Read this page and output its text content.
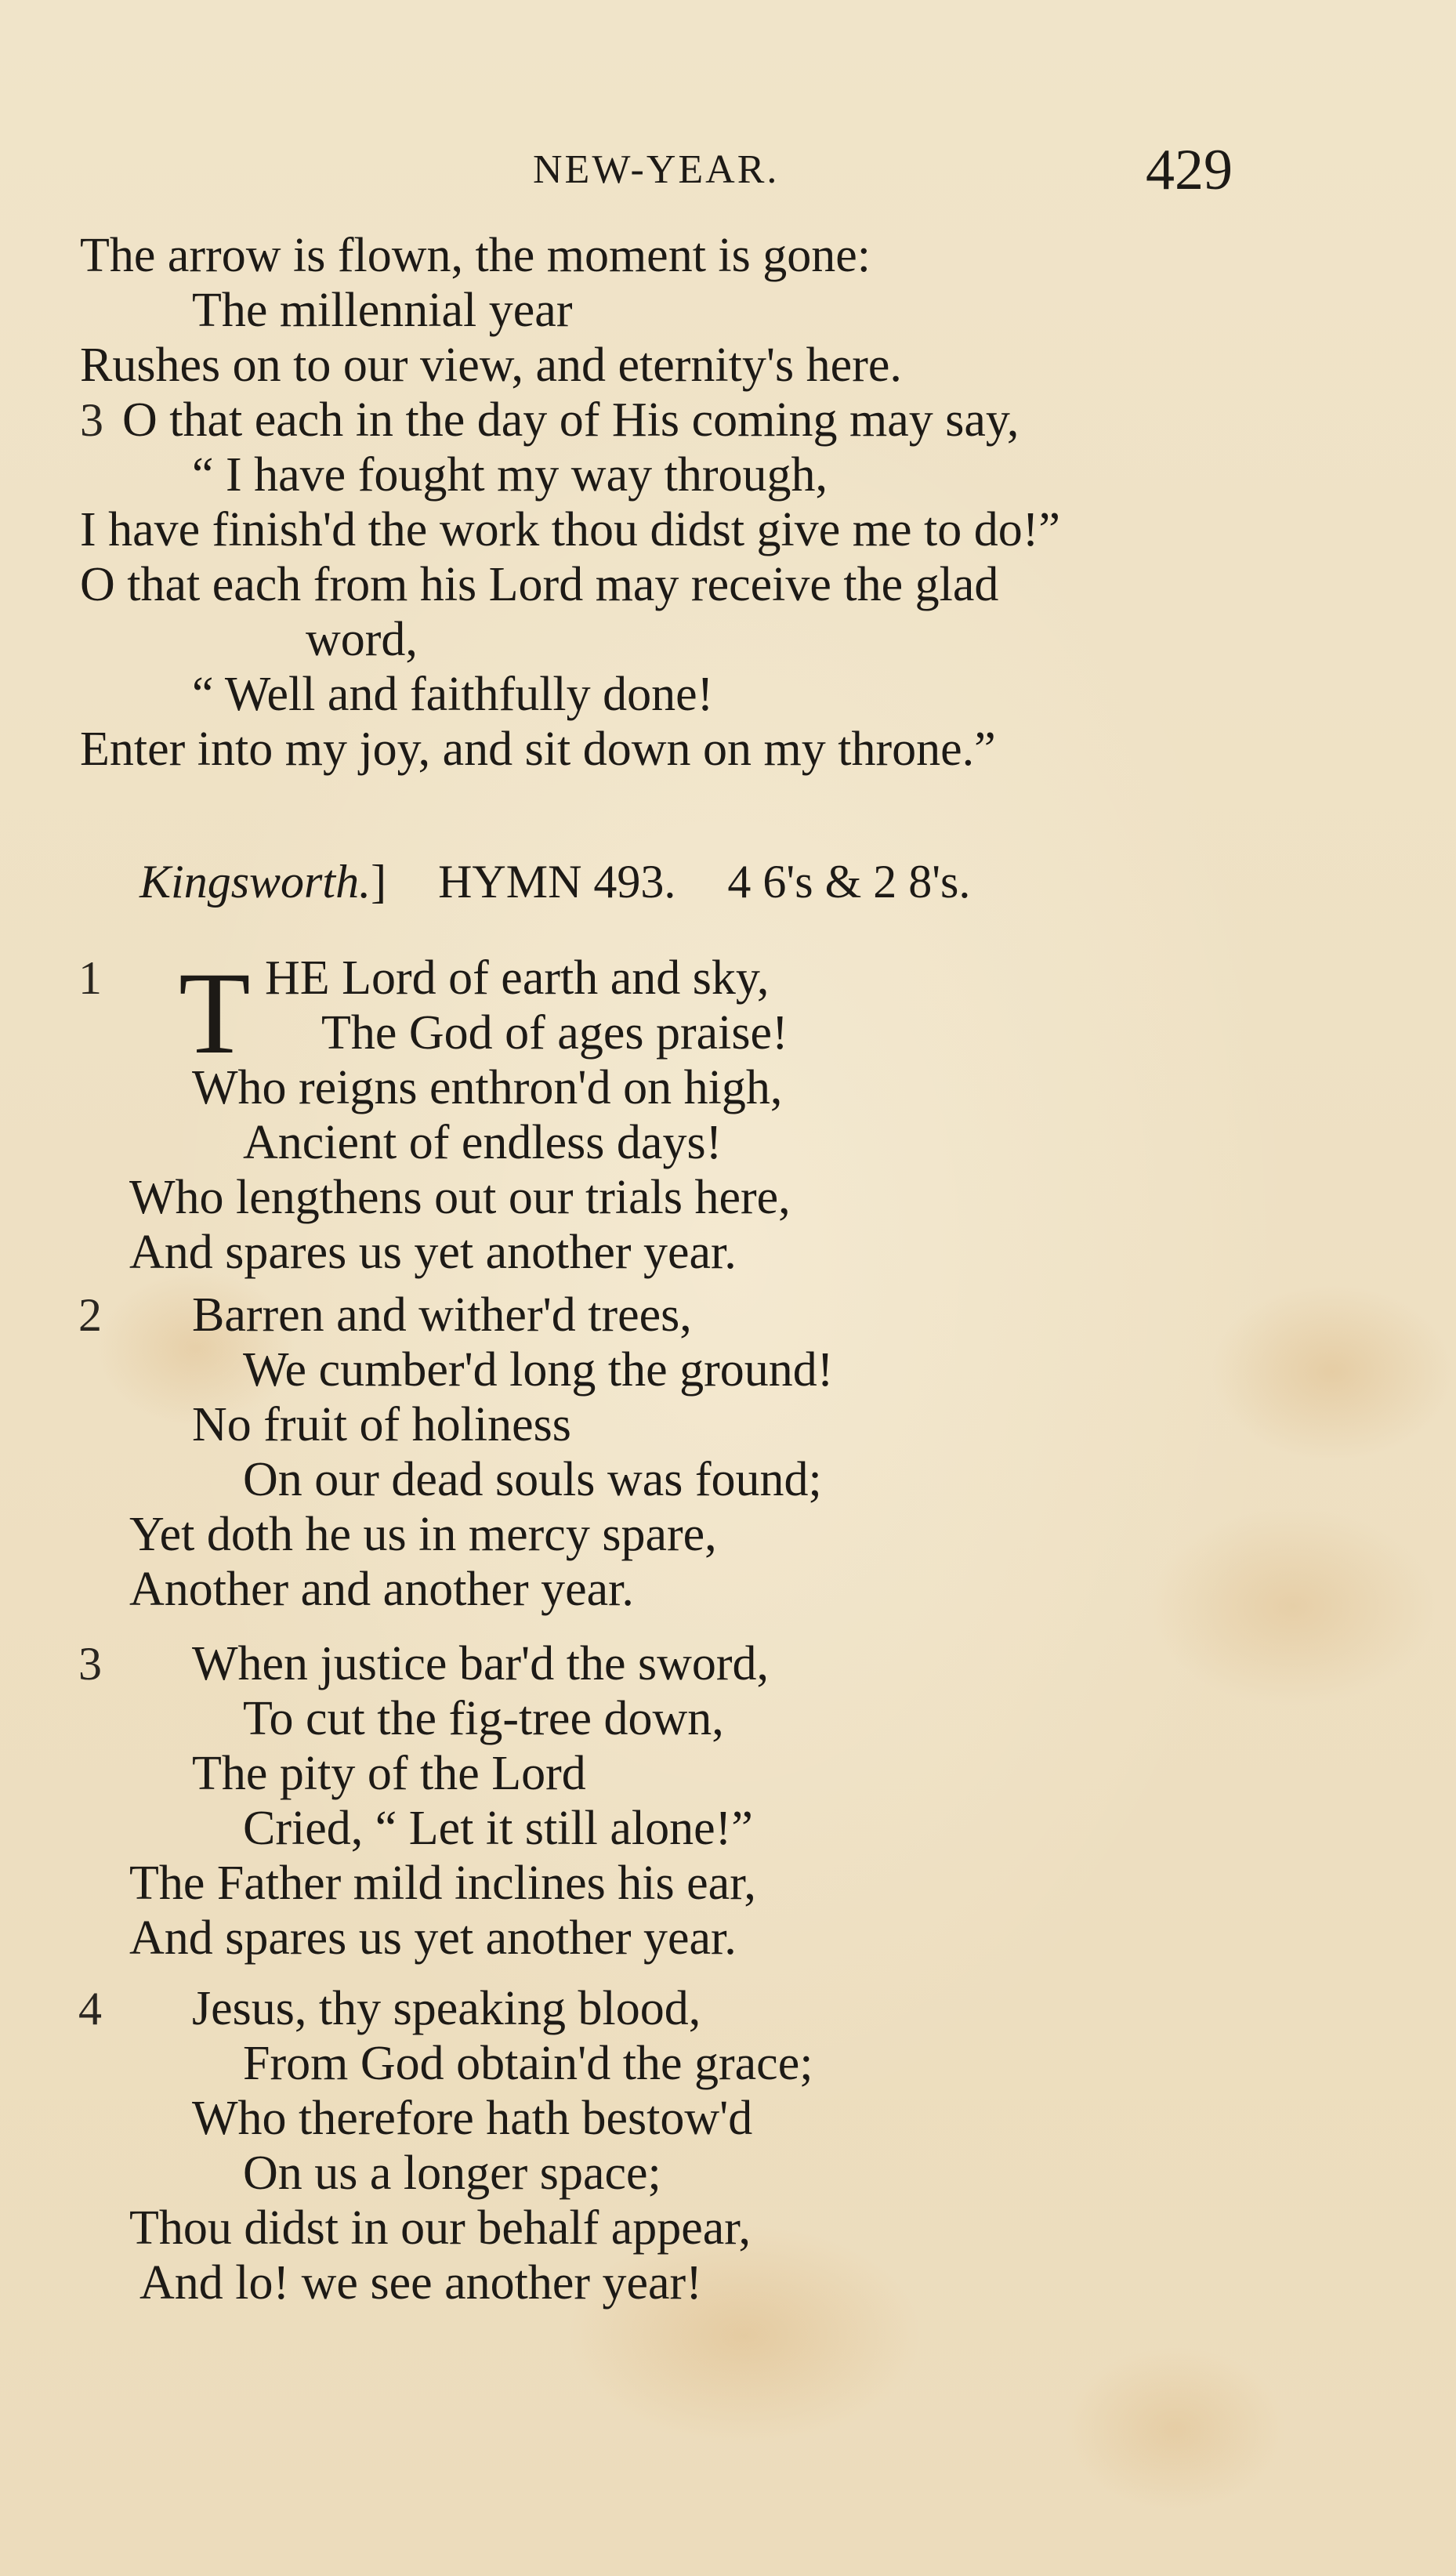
NEW-YEAR.	429
The arrow is flown, the moment is gone:
The millennial year
Rushes on to our view, and eternity's here.
3 O that each in the day of His coming may say,
“ I have fought my way through,
I have finish'd the work thou didst give me to do!”
O that each from his Lord may receive the glad
word,
“ Well and faithfully done!
Enter into my joy, and sit down on my throne.”
Kingsworth.] HYMN 493. 4 6's & 2 8's.
1 T HE Lord of earth and sky,
The God of ages praise!
Who reigns enthron'd on high,
Ancient of endless days!
Who lengthens out our trials here,
And spares us yet another year.
2 Barren and wither'd trees,
We cumber'd long the ground!
No fruit of holiness
On our dead souls was found;
Yet doth he us in mercy spare,
Another and another year.
3 When justice bar'd the sword,
To cut the fig-tree down,
The pity of the Lord
Cried, “ Let it still alone!”
The Father mild inclines his ear,
And spares us yet another year.
4 Jesus, thy speaking blood,
From God obtain'd the grace;
Who therefore hath bestow'd
On us a longer space;
Thou didst in our behalf appear,
And lo! we see another year!
